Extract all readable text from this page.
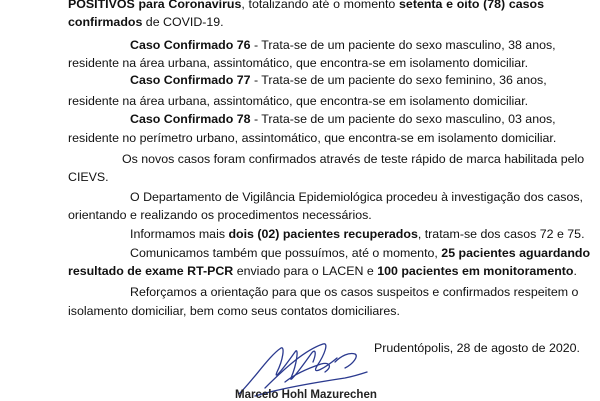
POSITIVOS para Coronavírus, totalizando até o momento setenta e oito (78) casos
confirmados de COVID-19.
Caso Confirmado 76 - Trata-se de um paciente do sexo masculino, 38 anos,
residente na área urbana, assintomático, que encontra-se em isolamento domiciliar.
Caso Confirmado 77 - Trata-se de um paciente do sexo feminino, 36 anos,
residente na área urbana, assintomático, que encontra-se em isolamento domiciliar.
Caso Confirmado 78 - Trata-se de um paciente do sexo masculino, 03 anos,
residente no perímetro urbano, assintomático, que encontra-se em isolamento domiciliar.
Os novos casos foram confirmados através de teste rápido de marca habilitada pelo
CIEVS.
O Departamento de Vigilância Epidemiológica procedeu à investigação dos casos,
orientando e realizando os procedimentos necessários.
Informamos mais dois (02) pacientes recuperados, tratam-se dos casos 72 e 75.
Comunicamos também que possuímos, até o momento, 25 pacientes aguardando
resultado de exame RT-PCR enviado para o LACEN e 100 pacientes em monitoramento.
Reforçamos a orientação para que os casos suspeitos e confirmados respeitem o
isolamento domiciliar, bem como seus contatos domiciliares.
Prudentópolis, 28 de agosto de 2020.
Marcelo Hohl Mazurechen
